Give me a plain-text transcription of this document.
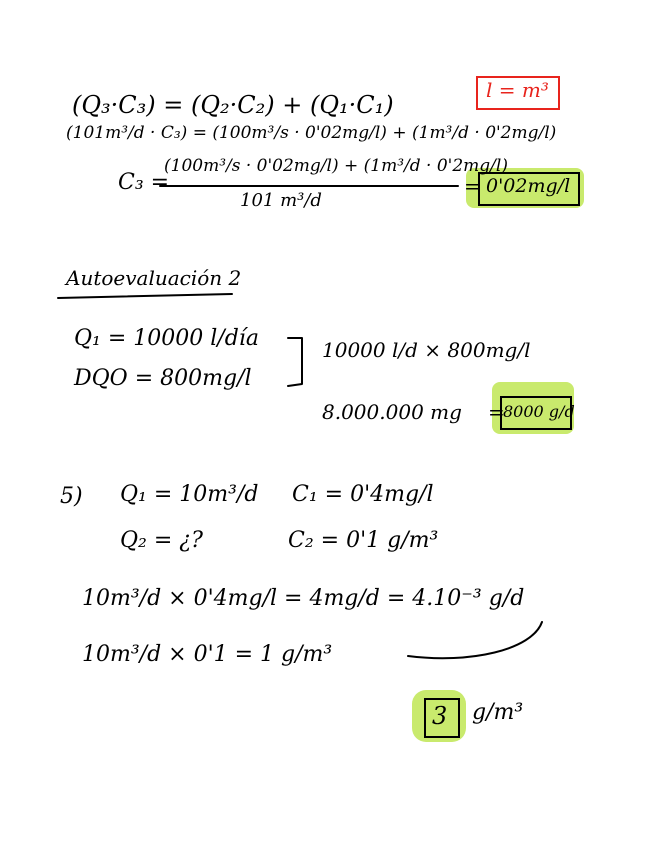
l = m³
(Q₃·C₃) = (Q₂·C₂) + (Q₁·C₁)
(101m³/d · C₃) = (100m³/s · 0'02mg/l) + (1m³/d · 0'2mg/l)
C₃ =
(100m³/s · 0'02mg/l) + (1m³/d · 0'2mg/l)
101 m³/d
= 0'02mg/l
Autoevaluación 2
Q₁ = 10000 l/día
DQO = 800mg/l
10000 l/d × 800mg/l
8.000.000 mg =
8000 g/d
5) Q₁ = 10m³/d C₁ = 0'4mg/l
Q₂ = ¿?	C₂ = 0'1 g/m³
10m³/d × 0'4mg/l = 4mg/d = 4.10⁻³ g/d
10m³/d × 0'1 = 1 g/m³
3 g/m³
